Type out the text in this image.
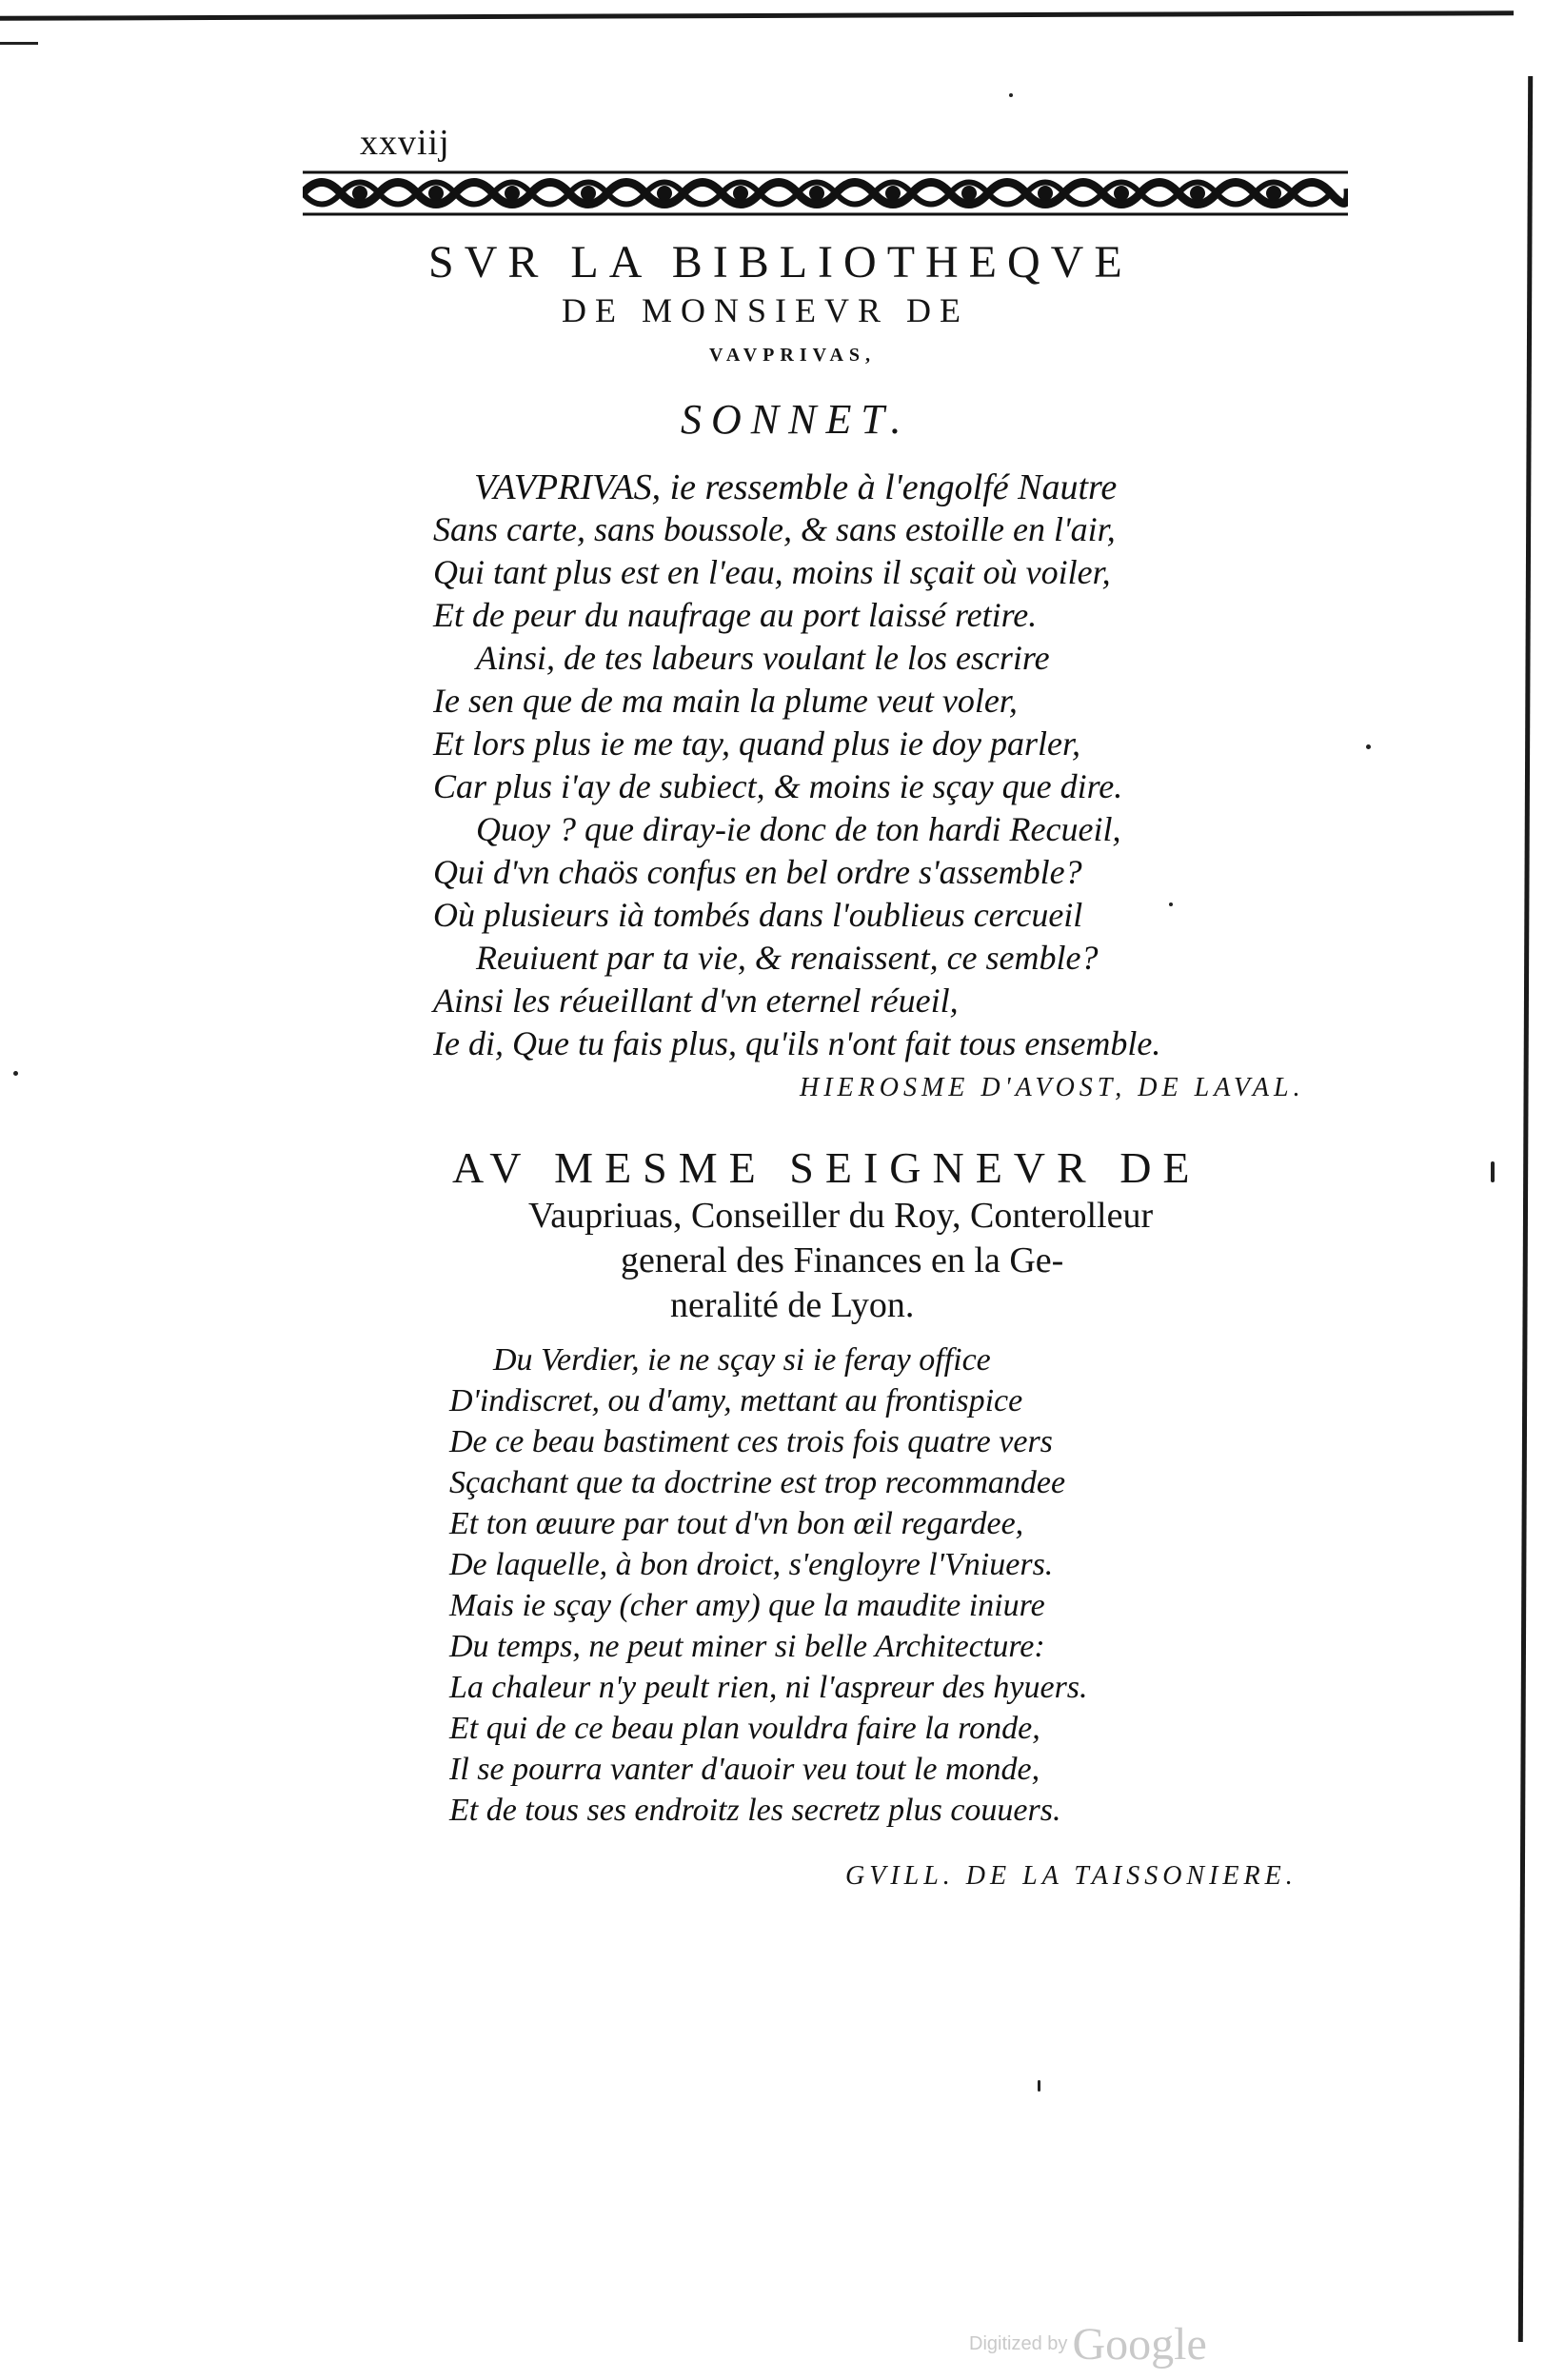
xxviij
SVR LA BIBLIOTHEQVE
DE MONSIEVR DE
VAVPRIVAS,
SONNET.
VAVPRIVAS, ie ressemble à l'engolfé Nautre
Sans carte, sans boussole, & sans estoille en l'air,
Qui tant plus est en l'eau, moins il sçait où voiler,
Et de peur du naufrage au port laissé retire.
Ainsi, de tes labeurs voulant le los escrire
Ie sen que de ma main la plume veut voler,
Et lors plus ie me tay, quand plus ie doy parler,
Car plus i'ay de subiect, & moins ie sçay que dire.
Quoy ? que diray-ie donc de ton hardi Recueil,
Qui d'vn chaös confus en bel ordre s'assemble?
Où plusieurs ià tombés dans l'oublieus cercueil
Reuiuent par ta vie, & renaissent, ce semble?
Ainsi les réueillant d'vn eternel réueil,
Ie di, Que tu fais plus, qu'ils n'ont fait tous ensemble.
HIEROSME D'AVOST, DE LAVAL.
AV MESME SEIGNEVR DE
Vaupriuas, Conseiller du Roy, Conterolleur
general des Finances en la Ge-
neralité de Lyon.
Du Verdier, ie ne sçay si ie feray office
D'indiscret, ou d'amy, mettant au frontispice
De ce beau bastiment ces trois fois quatre vers
Sçachant que ta doctrine est trop recommandee
Et ton œuure par tout d'vn bon œil regardee,
De laquelle, à bon droict, s'engloyre l'Vniuers.
Mais ie sçay (cher amy) que la maudite iniure
Du temps, ne peut miner si belle Architecture:
La chaleur n'y peult rien, ni l'aspreur des hyuers.
Et qui de ce beau plan vouldra faire la ronde,
Il se pourra vanter d'auoir veu tout le monde,
Et de tous ses endroitz les secretz plus couuers.
GVILL. DE LA TAISSONIERE.
Digitized by Google
